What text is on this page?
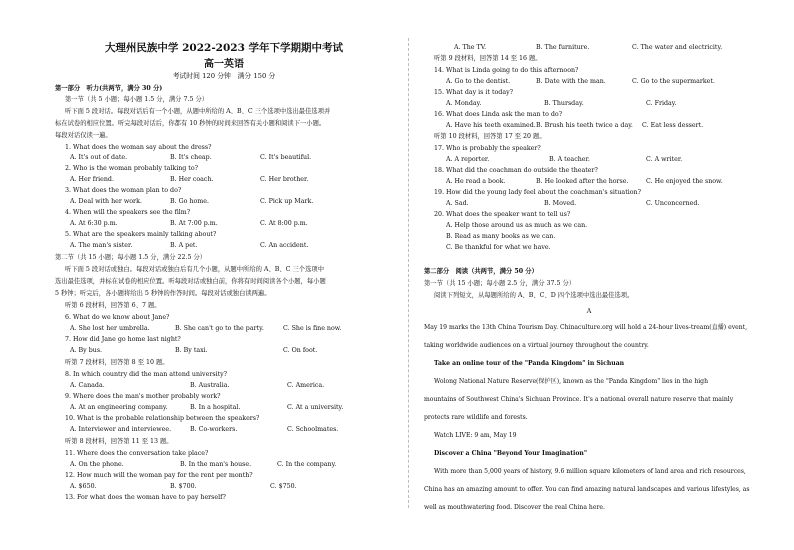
大理州民族中学 2022-2023 学年下学期期中考试
高一英语
考试时间 120 分钟　满分 150 分
第一部分　听力(共两节，满分 30 分)
第一节（共 5 小题；每小题 1.5 分，满分 7.5 分）
听下面 5 段对话。每段对话后有一个小题，从题中所给的 A、B、C 三个选项中选出最佳选项并
标在试卷的相应位置。听完每段对话后，你都有 10 秒钟的时间来回答有关小题和阅读下一小题。
每段对话仅读一遍。
1. What does the woman say about the dress?
A. It's out of date.	B. It's cheap.	C. It's beautiful.
2. Who is the woman probably talking to?
A. Her friend.	B. Her coach.	C. Her brother.
3. What does the woman plan to do?
A. Deal with her work.	B. Go home.	C. Pick up Mark.
4. When will the speakers see the film?
A. At 6:30 p.m.	B. At 7:00 p.m.	C. At 8:00 p.m.
5. What are the speakers mainly talking about?
A. The man's sister.	B. A pet.	C. An accident.
第二节（共 15 小题；每小题 1.5 分，满分 22.5 分）
听下面 5 段对话或独白。每段对话或独白后有几个小题，从题中所给的 A、B、C 三个选项中
选出最佳选项，并标在试卷的相应位置。听每段对话或独白前，你将有时间阅读各个小题，每小题
5 秒钟；听完后，各小题将给出 5 秒钟的作答时间。每段对话或独白读两遍。
听第 6 段材料，回答第 6、7 题。
6. What do we know about Jane?
A. She lost her umbrella.	B. She can't go to the party.	C. She is fine now.
7. How did Jane go home last night?
A. By bus.	B. By taxi.	C. On foot.
听第 7 段材料，回答第 8 至 10 题。
8. In which country did the man attend university?
A. Canada.	B. Australia.	C. America.
9. Where does the man's mother probably work?
A. At an engineering company.	B. In a hospital.	C. At a university.
10. What is the probable relationship between the speakers?
A. Interviewer and interviewee.	B. Co-workers.	C. Schoolmates.
听第 8 段材料，回答第 11 至 13 题。
11. Where does the conversation take place?
A. On the phone.	B. In the man's house.	C. In the company.
12. How much will the woman pay for the rent per month?
A. $650.	B. $700.	C. $750.
13. For what does the woman have to pay herself?
A. The TV.	B. The furniture.	C. The water and electricity.
听第 9 段材料，回答第 14 至 16 题。
14. What is Linda going to do this afternoon?
A. Go to the dentist.	B. Date with the man.	C. Go to the supermarket.
15. What day is it today?
A. Monday.	B. Thursday.	C. Friday.
16. What does Linda ask the man to do?
A. Have his teeth examined. B. Brush his teeth twice a day. C. Eat less dessert.
听第 10 段材料，回答第 17 至 20 题。
17. Who is probably the speaker?
A. A reporter.	B. A teacher.	C. A writer.
18. What did the coachman do outside the theater?
A. He read a book.	B. He looked after the horse.	C. He enjoyed the snow.
19. How did the young lady feel about the coachman's situation?
A. Sad.	B. Moved.	C. Unconcerned.
20. What does the speaker want to tell us?
A. Help those around us as much as we can.
B. Read as many books as we can.
C. Be thankful for what we have.
第二部分　阅读（共两节，满分 50 分）
第一节（共 15 小题；每小题 2.5 分，满分 37.5 分）
阅读下列短文，从每题所给的 A、B、C、D 四个选项中选出最佳选项。
A
May 19 marks the 13th China Tourism Day. Chinaculture.org will hold a 24-hour lives-tream(直播) event,
taking worldwide audiences on a virtual journey throughout the country.
Take an online tour of the "Panda Kingdom" in Sichuan
Wolong National Nature Reserve(保护区), known as the "Panda Kingdom" lies in the high
mountains of Southwest China's Sichuan Province. It's a national overall nature reserve that mainly
protects rare wildlife and forests.
Watch LIVE: 9 am, May 19
Discover a China "Beyond Your Imagination"
With more than 5,000 years of history, 9.6 million square kilometers of land area and rich resources,
China has an amazing amount to offer. You can find amazing natural landscapes and various lifestyles, as
well as mouthwatering food. Discover the real China here.
